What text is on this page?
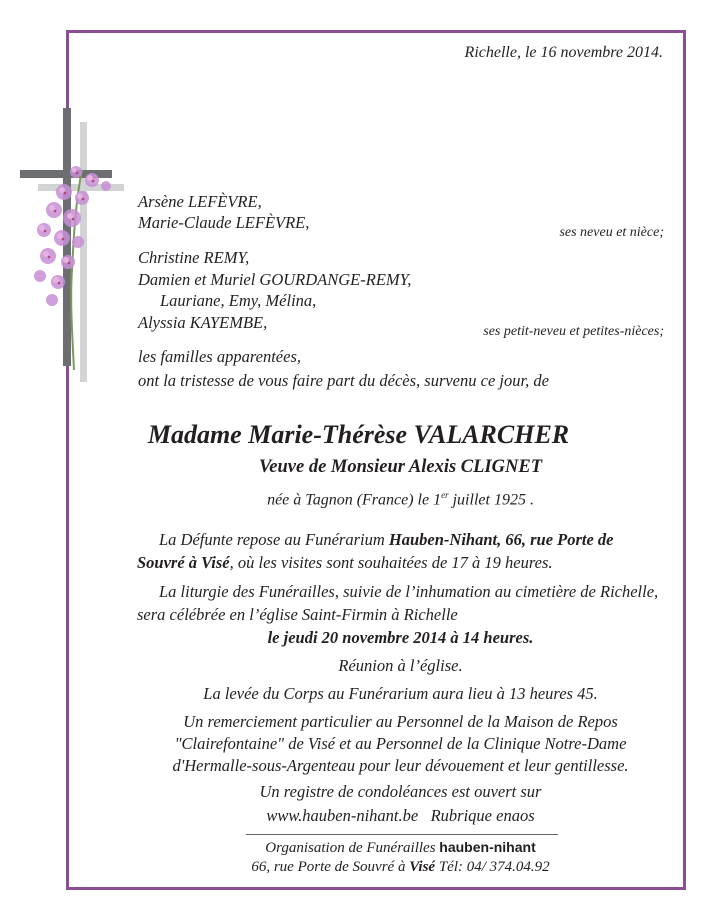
Richelle, le 16 novembre 2014.
Arsène LEFÈVRE,
Marie-Claude LEFÈVRE,
ses neveu et nièce;
Christine REMY,
Damien et Muriel GOURDANGE-REMY,
Lauriane, Emy, Mélina,
Alyssia KAYEMBE,	ses petit-neveu et petites-nièces;
les familles apparentées,
ont la tristesse de vous faire part du décès, survenu ce jour, de
Madame Marie-Thérèse VALARCHER
Veuve de Monsieur Alexis CLIGNET
née à Tagnon (France) le 1er juillet 1925 .
La Défunte repose au Funérarium Hauben-Nihant, 66, rue Porte de Souvré à Visé, où les visites sont souhaitées de 17 à 19 heures.
La liturgie des Funérailles, suivie de l’inhumation au cimetière de Richelle, sera célébrée en l’église Saint-Firmin à Richelle
le jeudi 20 novembre 2014 à 14 heures.
Réunion à l’église.
La levée du Corps au Funérarium aura lieu à 13 heures 45.
Un remerciement particulier au Personnel de la Maison de Repos "Clairefontaine" de Visé et au Personnel de la Clinique Notre-Dame d'Hermalle-sous-Argenteau pour leur dévouement et leur gentillesse.
Un registre de condoléances est ouvert sur
www.hauben-nihant.be   Rubrique enaos
Organisation de Funérailles hauben-nihant
66, rue Porte de Souvré à Visé Tél: 04/ 374.04.92
